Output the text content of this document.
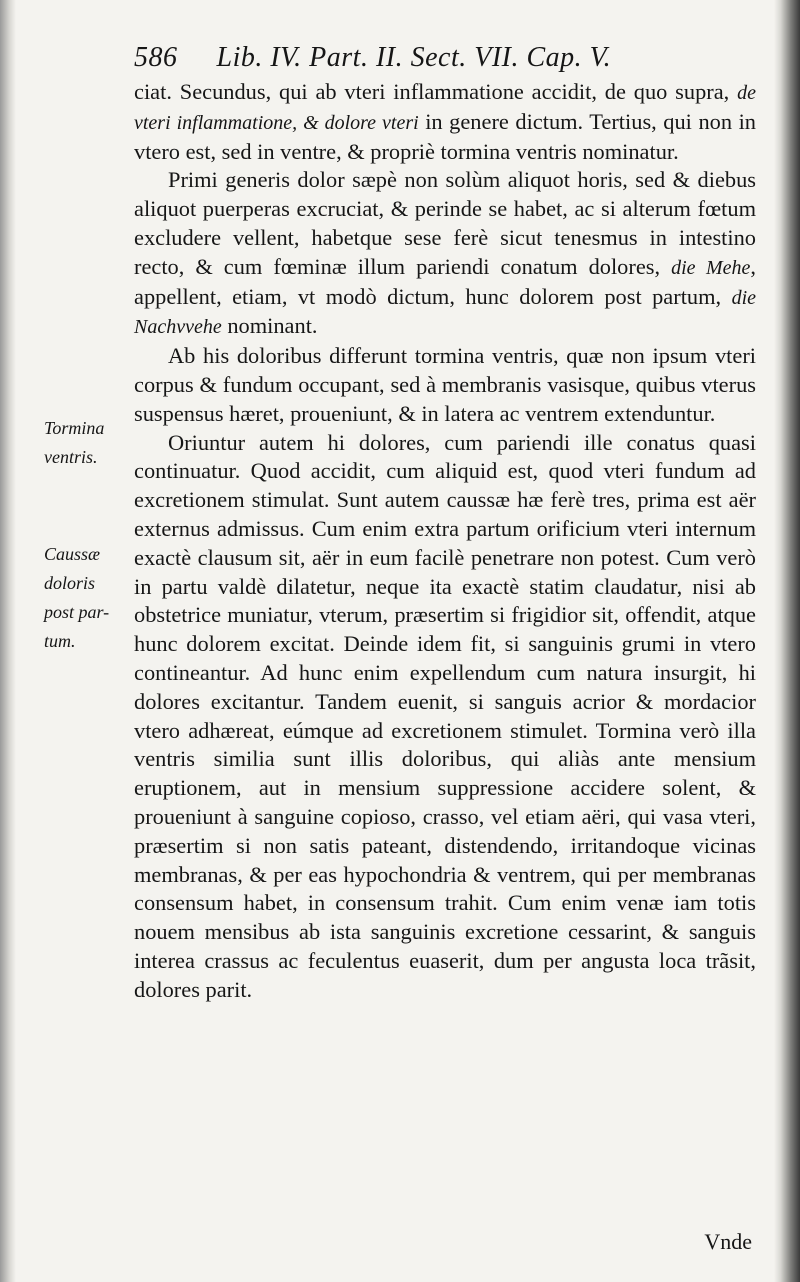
586 Lib. IV. Part. II. Sect. VII. Cap. V.
Tormina
ventris.
Caussæ
doloris
post par-
tum.

ciat. Secundus, qui ab vteri inflammatione accidit, de quo supra, de vteri inflammatione, & dolore vteri in genere dictum. Tertius, qui non in vtero est, sed in ventre, & propriè tormina ventris nominatur.

Primi generis dolor sæpè non solùm aliquot horis, sed & diebus aliquot puerperas excruciat, & perinde se habet, ac si alterum fœtum excludere vellent, habetque sese ferè sicut tenesmus in intestino recto, & cum fœminæ illum pariendi conatum dolores, die Mehe, appellent, etiam, vt modò dictum, hunc dolorem post partum, die Nachvvehe nominant.

Ab his doloribus differunt tormina ventris, quæ non ipsum vteri corpus & fundum occupant, sed à membranis vasisque, quibus vterus suspensus hæret, proueniunt, & in latera ac ventrem extenduntur.

Oriuntur autem hi dolores, cum pariendi ille conatus quasi continuatur. Quod accidit, cum aliquid est, quod vteri fundum ad excretionem stimulat. Sunt autem caussæ hæ ferè tres, prima est aër externus admissus. Cum enim extra partum orificium vteri internum exactè clausum sit, aër in eum facilè penetrare non potest. Cum verò in partu valdè dilatetur, neque ita exactè statim claudatur, nisi ab obstetrice muniatur, vterum, præsertim si frigidior sit, offendit, atque hunc dolorem excitat. Deinde idem fit, si sanguinis grumi in vtero contineantur. Ad hunc enim expellendum cum natura insurgit, hi dolores excitantur. Tandem euenit, si sanguis acrior & mordacior vtero adhæreat, eúmque ad excretionem stimulet. Tormina verò illa ventris similia sunt illis doloribus, qui aliàs ante mensium eruptionem, aut in mensium suppressione accidere solent, & proueniunt à sanguine copioso, crasso, vel etiam aëri, qui vasa vteri, præsertim si non satis pateant, distendendo, irritandoque vicinas membranas, & per eas hypochondria & ventrem, qui per membranas consensum habet, in consensum trahit. Cum enim venæ iam totis nouem mensibus ab ista sanguinis excretione cessarint, & sanguis interea crassus ac feculentus euaserit, dum per angusta loca trãsit, dolores parit.

Vnde
